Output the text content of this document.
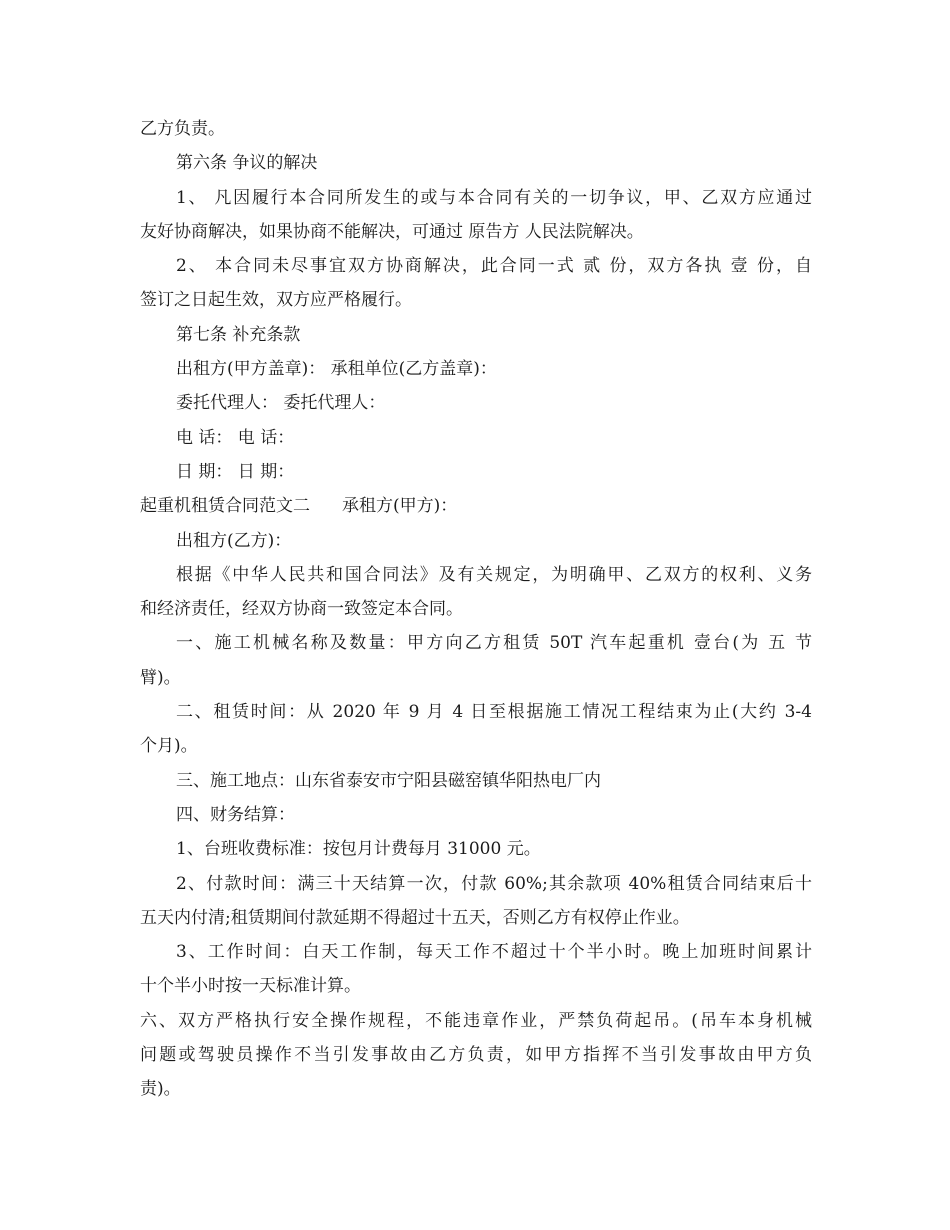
乙方负责。
第六条 争议的解决
1、 凡因履行本合同所发生的或与本合同有关的一切争议，甲、乙双方应通过
友好协商解决，如果协商不能解决，可通过 原告方 人民法院解决。
2、 本合同未尽事宜双方协商解决，此合同一式 贰 份，双方各执 壹 份，自
签订之日起生效，双方应严格履行。
第七条 补充条款
出租方(甲方盖章)： 承租单位(乙方盖章)：
委托代理人： 委托代理人：
电 话： 电 话：
日 期： 日 期：
起重机租赁合同范文二 承租方(甲方)：
出租方(乙方)：
根据《中华人民共和国合同法》及有关规定，为明确甲、乙双方的权利、义务
和经济责任，经双方协商一致签定本合同。
一、施工机械名称及数量：甲方向乙方租赁 50T 汽车起重机 壹台(为 五 节
臂)。
二、租赁时间：从 2020 年 9 月 4 日至根据施工情况工程结束为止(大约 3-4
个月)。
三、施工地点：山东省泰安市宁阳县磁窑镇华阳热电厂内
四、财务结算：
1、台班收费标准：按包月计费每月 31000 元。
2、付款时间：满三十天结算一次，付款 60%;其余款项 40%租赁合同结束后十
五天内付清;租赁期间付款延期不得超过十五天，否则乙方有权停止作业。
3、工作时间：白天工作制，每天工作不超过十个半小时。晚上加班时间累计
十个半小时按一天标准计算。
六、双方严格执行安全操作规程，不能违章作业，严禁负荷起吊。(吊车本身机械
问题或驾驶员操作不当引发事故由乙方负责，如甲方指挥不当引发事故由甲方负
责)。
